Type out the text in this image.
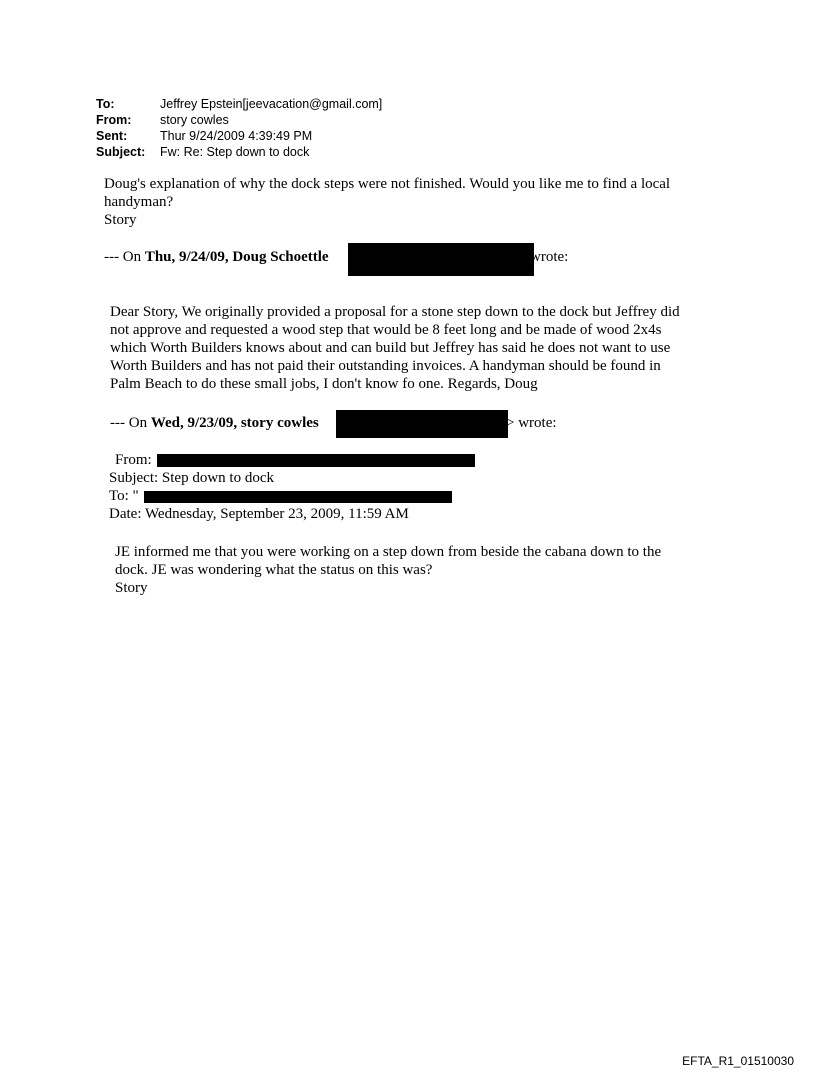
To:	Jeffrey Epstein[jeevacation@gmail.com]
From:	story cowles
Sent:	Thur 9/24/2009 4:39:49 PM
Subject:	Fw: Re: Step down to dock
Doug's explanation of why the dock steps were not finished. Would you like me to find a local
handyman?
Story
--- On Thu, 9/24/09, Doug Schoettle	wrote:
Dear Story, We originally provided a proposal for a stone step down to the dock but Jeffrey did
not approve and requested a wood step that would be 8 feet long and be made of wood 2x4s
which Worth Builders knows about and can build but Jeffrey has said he does not want to use
Worth Builders and has not paid their outstanding invoices. A handyman should be found in
Palm Beach to do these small jobs, I don't know fo one. Regards, Doug
--- On Wed, 9/23/09, story cowles	> wrote:
From:
Subject: Step down to dock
To: "
Date: Wednesday, September 23, 2009, 11:59 AM
JE informed me that you were working on a step down from beside the cabana down to the
dock. JE was wondering what the status on this was?
Story
EFTA_R1_01510030
